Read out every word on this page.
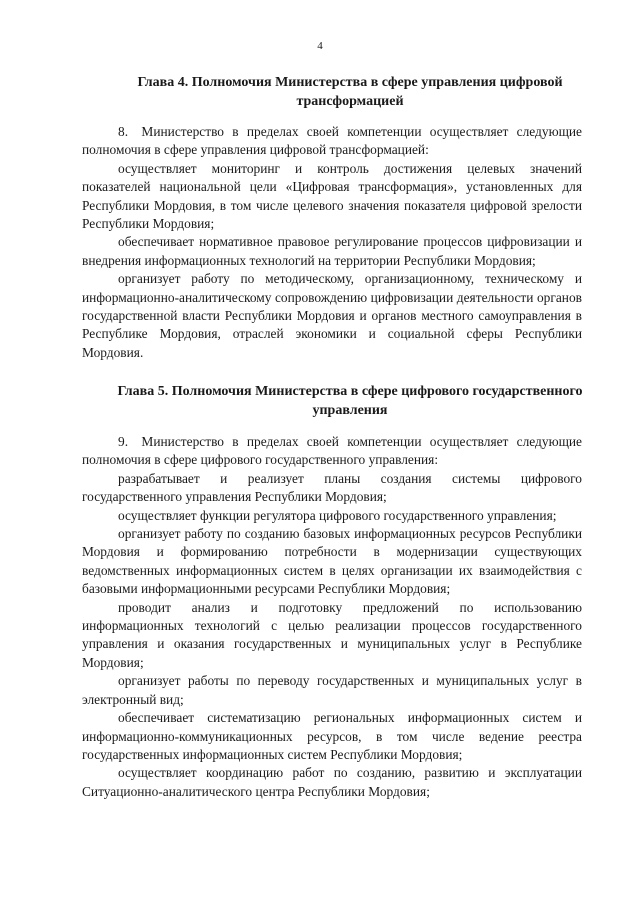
4
Глава 4. Полномочия Министерства в сфере управления цифровой трансформацией

8. Министерство в пределах своей компетенции осуществляет следующие полномочия в сфере управления цифровой трансформацией:

осуществляет мониторинг и контроль достижения целевых значений показателей национальной цели «Цифровая трансформация», установленных для Республики Мордовия, в том числе целевого значения показателя цифровой зрелости Республики Мордовия;

обеспечивает нормативное правовое регулирование процессов цифровизации и внедрения информационных технологий на территории Республики Мордовия;

организует работу по методическому, организационному, техническому и информационно-аналитическому сопровождению цифровизации деятельности органов государственной власти Республики Мордовия и органов местного самоуправления в Республике Мордовия, отраслей экономики и социальной сферы Республики Мордовия.

Глава 5. Полномочия Министерства в сфере цифрового государственного управления

9. Министерство в пределах своей компетенции осуществляет следующие полномочия в сфере цифрового государственного управления:

разрабатывает и реализует планы создания системы цифрового государственного управления Республики Мордовия;

осуществляет функции регулятора цифрового государственного управления;

организует работу по созданию базовых информационных ресурсов Республики Мордовия и формированию потребности в модернизации существующих ведомственных информационных систем в целях организации их взаимодействия с базовыми информационными ресурсами Республики Мордовия;

проводит анализ и подготовку предложений по использованию информационных технологий с целью реализации процессов государственного управления и оказания государственных и муниципальных услуг в Республике Мордовия;

организует работы по переводу государственных и муниципальных услуг в электронный вид;

обеспечивает систематизацию региональных информационных систем и информационно-коммуникационных ресурсов, в том числе ведение реестра государственных информационных систем Республики Мордовия;

осуществляет координацию работ по созданию, развитию и эксплуатации Ситуационно-аналитического центра Республики Мордовия;
